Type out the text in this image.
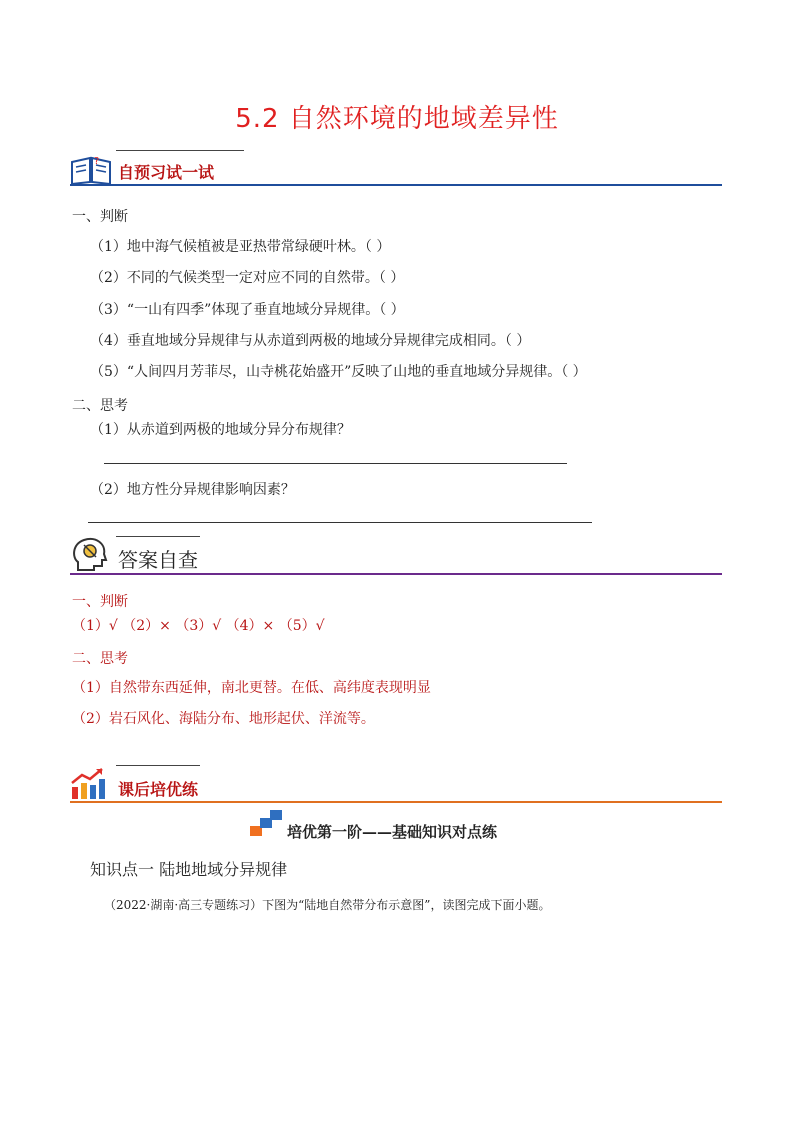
5.2 自然环境的地域差异性
?
自预习试一试
一、判断
（1）地中海气候植被是亚热带常绿硬叶林。（ ）
（2）不同的气候类型一定对应不同的自然带。（ ）
（3）“一山有四季”体现了垂直地域分异规律。（ ）
（4）垂直地域分异规律与从赤道到两极的地域分异规律完成相同。（ ）
（5）“人间四月芳菲尽，山寺桃花始盛开”反映了山地的垂直地域分异规律。（ ）
二、思考
（1）从赤道到两极的地域分异分布规律？
（2）地方性分异规律影响因素？
答案自查
一、判断
（1）√ （2）× （3）√ （4）× （5）√
二、思考
（1）自然带东西延伸，南北更替。在低、高纬度表现明显
（2）岩石风化、海陆分布、地形起伏、洋流等。
课后培优练
培优第一阶——基础知识对点练
知识点一 陆地地域分异规律
（2022·湖南·高三专题练习）下图为“陆地自然带分布示意图”，读图完成下面小题。
